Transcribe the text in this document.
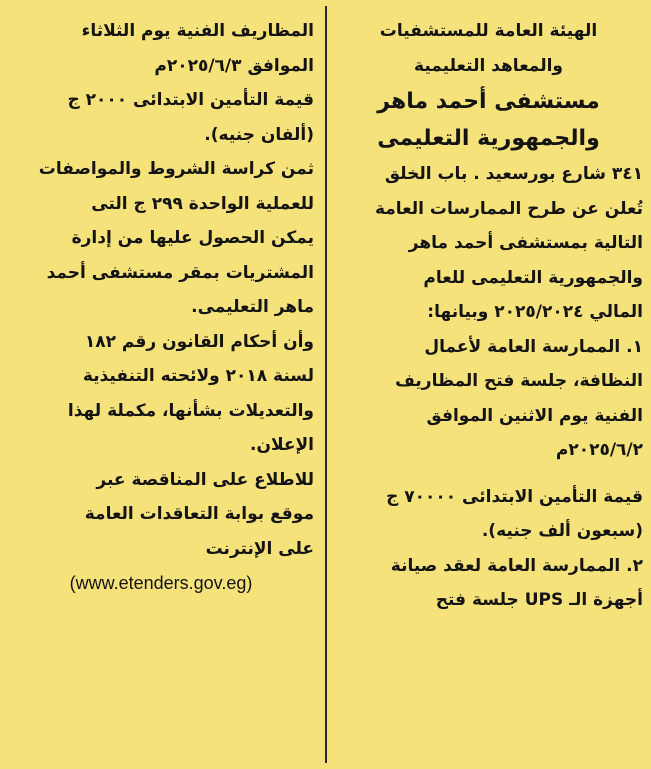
الهيئة العامة للمستشفيات
والمعاهد التعليمية
مستشفى أحمد ماهر
والجمهورية التعليمى
٣٤١ شارع بورسعيد . باب الخلق
تُعلن عن طرح الممارسات العامة
التالية بمستشفى أحمد ماهر
والجمهورية التعليمى للعام
المالي ٢٠٢٥/٢٠٢٤ وبيانها:
١. الممارسة العامة لأعمال
النظافة، جلسة فتح المظاريف
الفنية يوم الاثنين الموافق
٢٠٢٥/٦/٢م
قيمة التأمين الابتدائى ٧٠٠٠٠ ج
(سبعون ألف جنيه).
٢. الممارسة العامة لعقد صيانة
أجهزة الـ UPS جلسة فتح
المظاريف الفنية يوم الثلاثاء
الموافق ٢٠٢٥/٦/٣م
قيمة التأمين الابتدائى ٢٠٠٠ ج
(ألفان جنيه).
ثمن كراسة الشروط والمواصفات
للعملية الواحدة ٢٩٩ ج التى
يمكن الحصول عليها من إدارة
المشتريات بمقر مستشفى أحمد
ماهر التعليمى.
وأن أحكام القانون رقم ١٨٢
لسنة ٢٠١٨ ولائحته التنفيذية
والتعديلات بشأنها، مكملة لهذا
الإعلان.
للاطلاع على المناقصة عبر
موقع بوابة التعاقدات العامة
على الإنترنت
(www.etenders.gov.eg)
